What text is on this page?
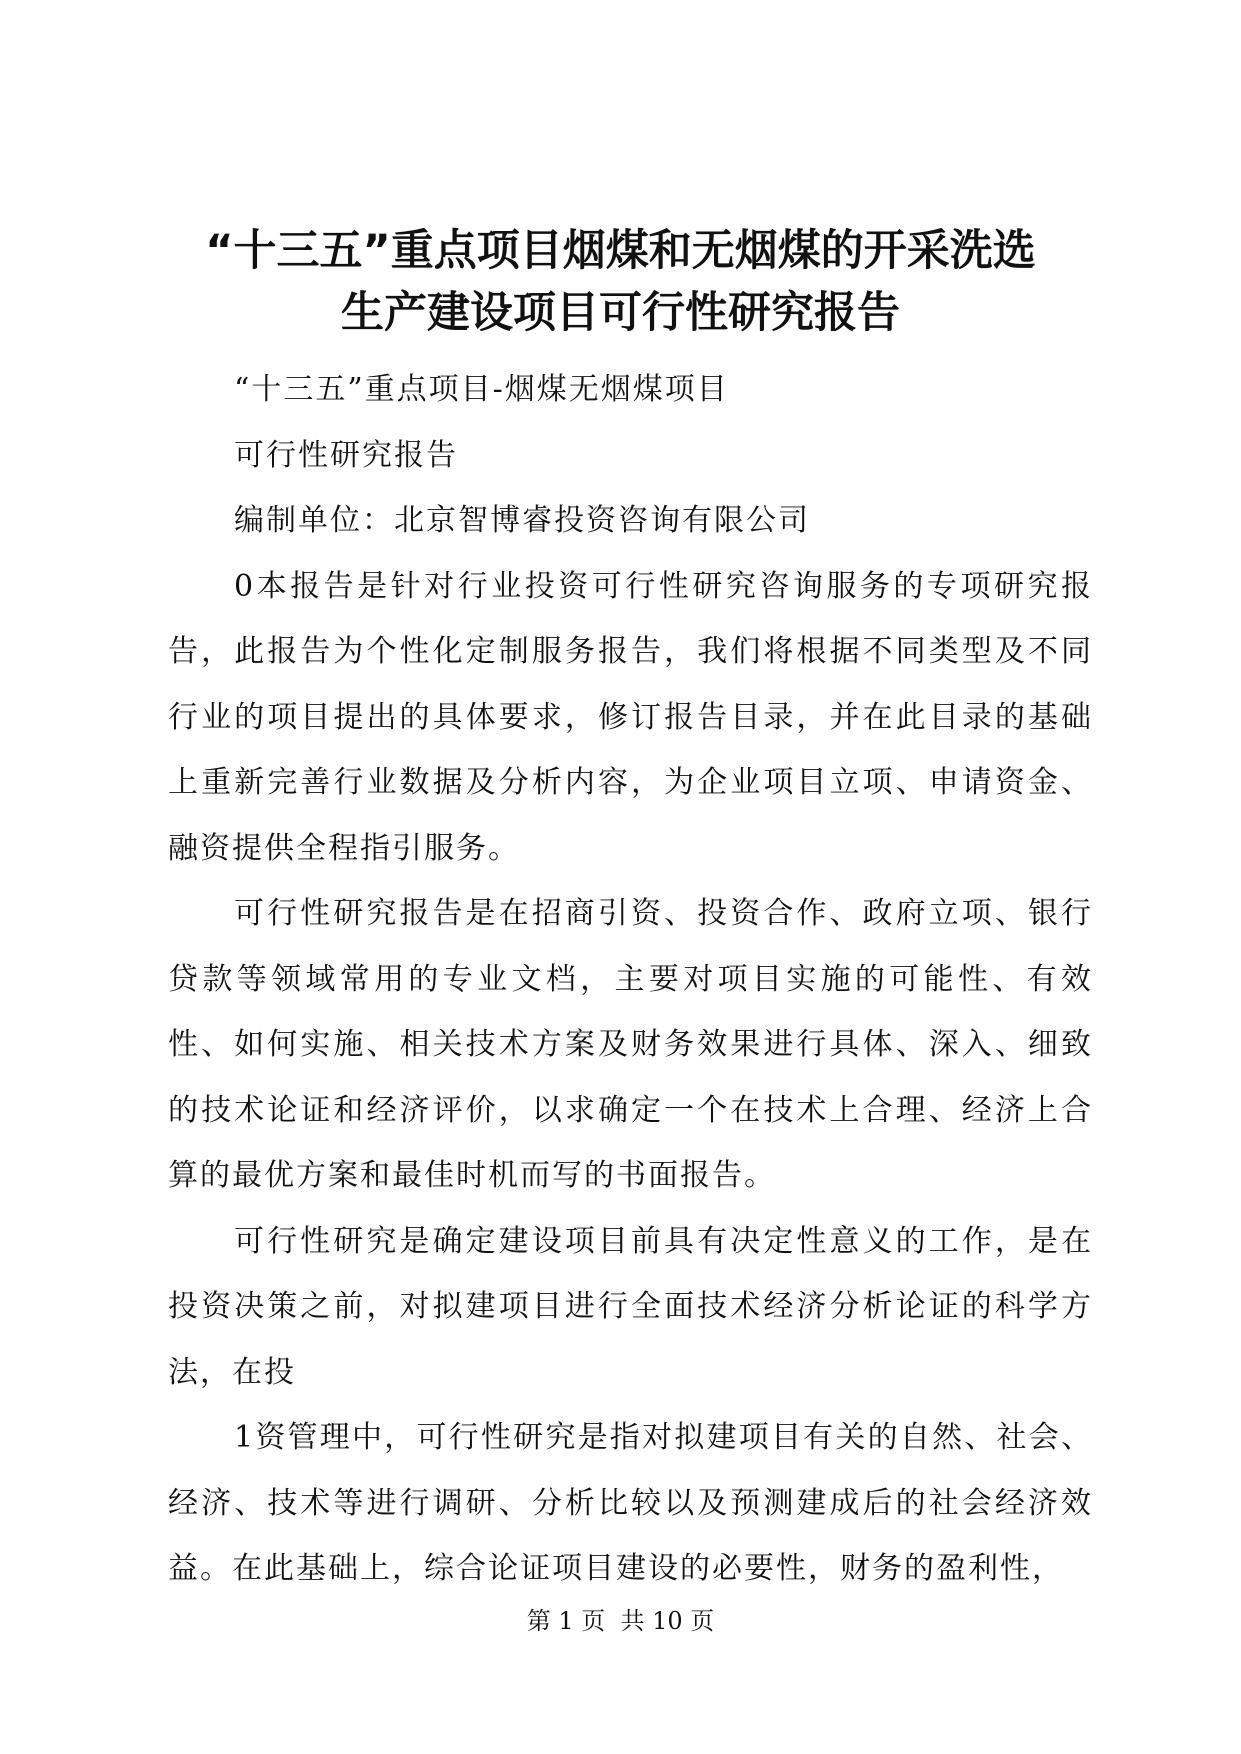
“十三五”重点项目烟煤和无烟煤的开采洗选
生产建设项目可行性研究报告

“十三五”重点项目-烟煤无烟煤项目

可行性研究报告

编制单位：北京智博睿投资咨询有限公司

0本报告是针对行业投资可行性研究咨询服务的专项研究报告，此报告为个性化定制服务报告，我们将根据不同类型及不同行业的项目提出的具体要求，修订报告目录，并在此目录的基础上重新完善行业数据及分析内容，为企业项目立项、申请资金、融资提供全程指引服务。

可行性研究报告是在招商引资、投资合作、政府立项、银行贷款等领域常用的专业文档，主要对项目实施的可能性、有效性、如何实施、相关技术方案及财务效果进行具体、深入、细致的技术论证和经济评价，以求确定一个在技术上合理、经济上合算的最优方案和最佳时机而写的书面报告。

可行性研究是确定建设项目前具有决定性意义的工作，是在投资决策之前，对拟建项目进行全面技术经济分析论证的科学方法，在投

1资管理中，可行性研究是指对拟建项目有关的自然、社会、经济、技术等进行调研、分析比较以及预测建成后的社会经济效益。在此基础上，综合论证项目建设的必要性，财务的盈利性，

第 1 页  共 10 页
